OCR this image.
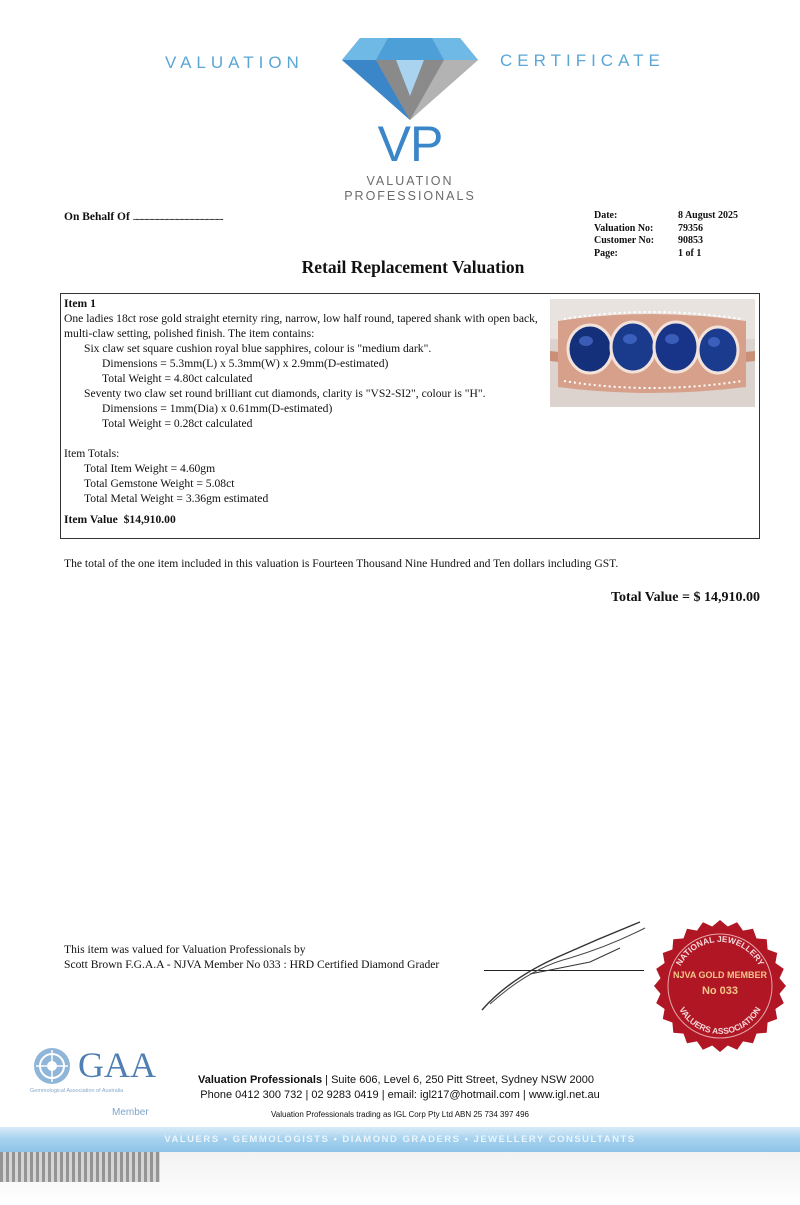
VALUATION	CERTIFICATE
VP
VALUATION
PROFESSIONALS
On Behalf Of ........................................................................	Date:	8 August 2025
Valuation No:	79356
Customer No:	90853
Page:	1 of 1
Retail Replacement Valuation
Item 1
One ladies 18ct rose gold straight eternity ring, narrow, low half round, tapered shank with open back, multi-claw setting, polished finish. The item contains:
Six claw set square cushion royal blue sapphires, colour is "medium dark".
Dimensions = 5.3mm(L) x 5.3mm(W) x 2.9mm(D-estimated)
Total Weight = 4.80ct calculated
Seventy two claw set round brilliant cut diamonds, clarity is "VS2-SI2", colour is "H".
Dimensions = 1mm(Dia) x 0.61mm(D-estimated)
Total Weight = 0.28ct calculated
Item Totals:
Total Item Weight = 4.60gm
Total Gemstone Weight = 5.08ct
Total Metal Weight = 3.36gm estimated
Item Value $14,910.00
The total of the one item included in this valuation is Fourteen Thousand Nine Hundred and Ten dollars including GST.
Total Value = $ 14,910.00
This item was valued for Valuation Professionals by
Scott Brown F.G.A.A - NJVA Member No 033 : HRD Certified Diamond Grader	NATIONAL JEWELLERY
NJVA GOLD MEMBER
No 033
VALUERS ASSOCIATION
GAA
Gemmological Association of Australia
Member
Valuation Professionals | Suite 606, Level 6, 250 Pitt Street, Sydney NSW 2000
Phone 0412 300 732 | 02 9283 0419 | email: igl217@hotmail.com | www.igl.net.au
Valuation Professionals trading as IGL Corp Pty Ltd ABN 25 734 397 496
VALUERS • GEMMOLOGISTS • DIAMOND GRADERS • JEWELLERY CONSULTANTS
